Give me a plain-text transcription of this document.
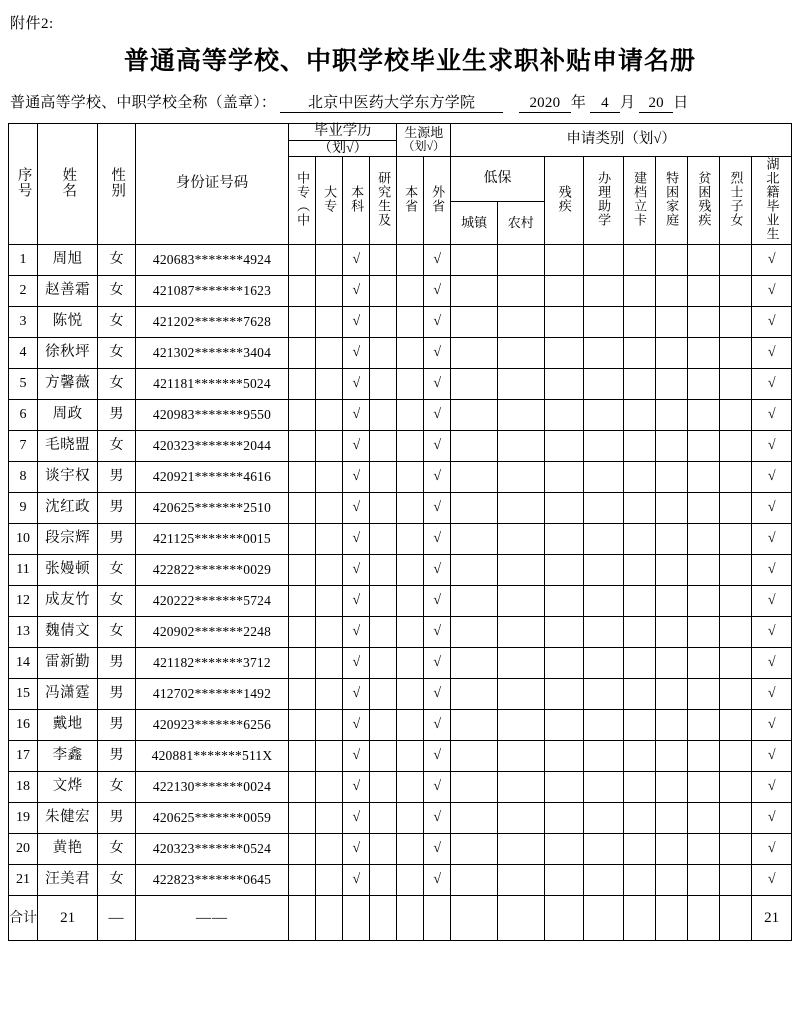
附件2:
普通高等学校、中职学校毕业生求职补贴申请名册
普通高等学校、中职学校全称（盖章）： 北京中医药大学东方学院	2020 年 4 月 20 日
序号	姓名	性别	身份证号码	毕业学历				生源地
（划√）		申请类别（划√）								
				（划√）														
				中专（中	大专	本科	研究生及	本省	外省	低保		残疾	办理助学	建档立卡	特困家庭	贫困残疾	烈士子女	湖北籍毕业生
										城镇	农村							
1	周旭	女	420683*******4924			√			√									√
2	赵善霜	女	421087*******1623			√			√									√
3	陈悦	女	421202*******7628			√			√									√
4	徐秋坪	女	421302*******3404			√			√									√
5	方馨薇	女	421181*******5024			√			√									√
6	周政	男	420983*******9550			√			√									√
7	毛晓盟	女	420323*******2044			√			√									√
8	谈宇权	男	420921*******4616			√			√									√
9	沈红政	男	420625*******2510			√			√									√
10	段宗辉	男	421125*******0015			√			√									√
11	张嫚顿	女	422822*******0029			√			√									√
12	成友竹	女	420222*******5724			√			√									√
13	魏倩文	女	420902*******2248			√			√									√
14	雷新勤	男	421182*******3712			√			√									√
15	冯潇霆	男	412702*******1492			√			√									√
16	戴地	男	420923*******6256			√			√									√
17	李鑫	男	420881*******511X			√			√									√
18	文烨	女	422130*******0024			√			√									√
19	朱健宏	男	420625*******0059			√			√									√
20	黄艳	女	420323*******0524			√			√									√
21	汪美君	女	422823*******0645			√			√									√
合计	21	—	——															21
